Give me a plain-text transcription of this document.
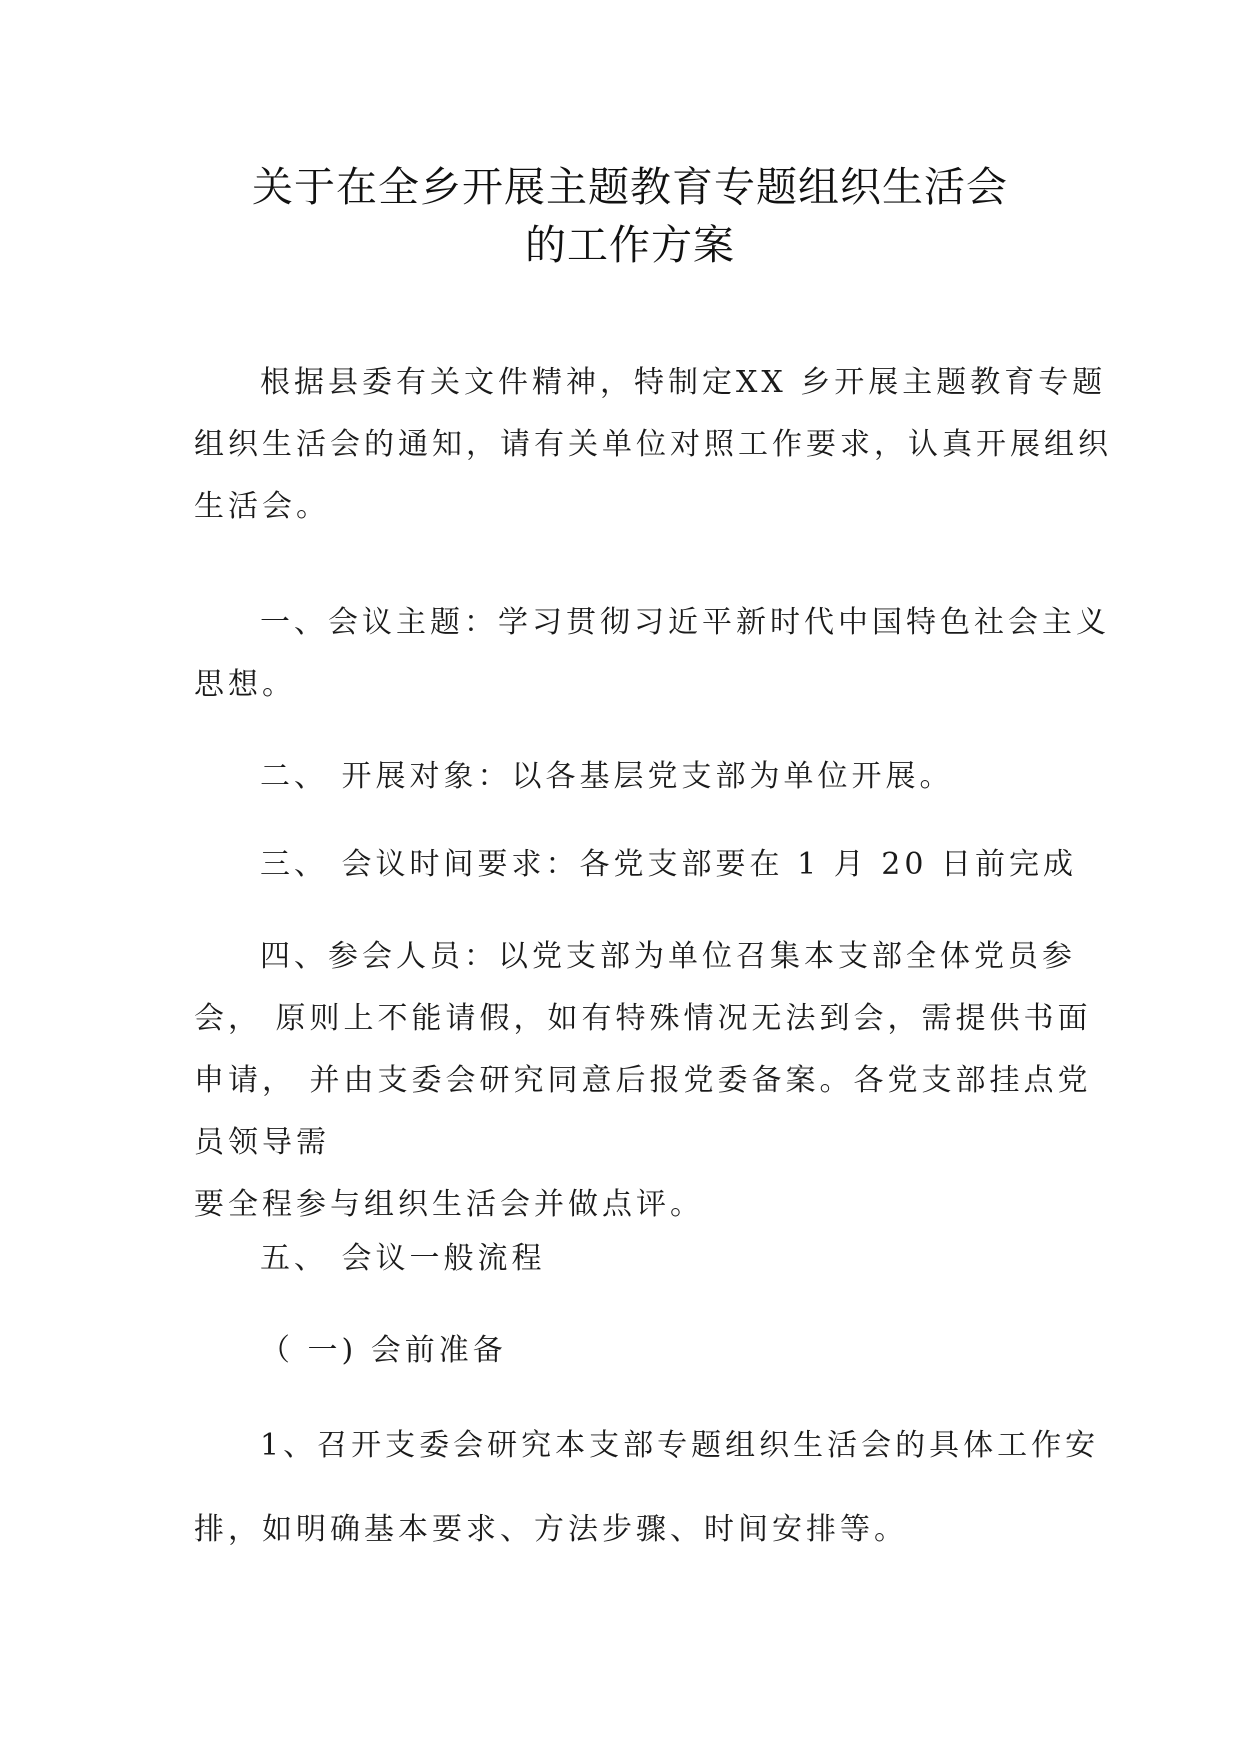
关于在全乡开展主题教育专题组织生活会
的工作方案

根据县委有关文件精神，特制定XX 乡开展主题教育专题
组织生活会的通知，请有关单位对照工作要求，认真开展组织
生活会。

一、会议主题：学习贯彻习近平新时代中国特色社会主义
思想。

二、 开展对象：以各基层党支部为单位开展。

三、 会议时间要求：各党支部要在 1 月 20 日前完成

四、参会人员：以党支部为单位召集本支部全体党员参
会， 原则上不能请假，如有特殊情况无法到会，需提供书面
申请， 并由支委会研究同意后报党委备案。各党支部挂点党
员领导需
要全程参与组织生活会并做点评。

五、 会议一般流程

（ 一) 会前准备

1、召开支委会研究本支部专题组织生活会的具体工作安
排，如明确基本要求、方法步骤、时间安排等。
